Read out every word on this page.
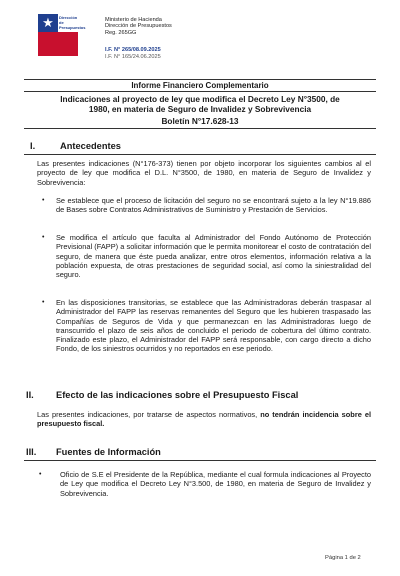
★ Dirección de
Presupuestos
Ministerio de Hacienda
Dirección de Presupuestos
Reg. 265GG
I.F. N° 265/08.09.2025
I.F. N° 165/24.06.2025
Informe Financiero Complementario
Indicaciones al proyecto de ley que modifica el Decreto Ley N°3500, de
1980, en materia de Seguro de Invalidez y Sobrevivencia
Boletín N°17.628-13
I.	Antecedentes
Las presentes indicaciones (N°176-373) tienen por objeto incorporar los siguientes cambios al el proyecto de ley que modifica el D.L. N°3500, de 1980, en materia de Seguro de Invalidez y Sobrevivencia:
• Se establece que el proceso de licitación del seguro no se encontrará sujeto a la ley N°19.886 de Bases sobre Contratos Administrativos de Suministro y Prestación de Servicios.
• Se modifica el artículo que faculta al Administrador del Fondo Autónomo de Protección Previsional (FAPP) a solicitar información que le permita monitorear el costo de contratación del seguro, de manera que éste pueda analizar, entre otros elementos, información relativa a la población expuesta, de otras prestaciones de seguridad social, así como la siniestralidad del seguro.
• En las disposiciones transitorias, se establece que las Administradoras deberán traspasar al Administrador del FAPP las reservas remanentes del Seguro que les hubieren traspasado las Compañías de Seguros de Vida y que permanezcan en las Administradoras luego de transcurrido el plazo de seis años de concluido el periodo de cobertura del último contrato. Finalizado este plazo, el Administrador del FAPP será responsable, con cargo directo a dicho Fondo, de los siniestros ocurridos y no reportados en ese periodo.
II. Efecto de las indicaciones sobre el Presupuesto Fiscal
Las presentes indicaciones, por tratarse de aspectos normativos, no tendrán incidencia sobre el presupuesto fiscal.
III. Fuentes de Información
•	Oficio de S.E el Presidente de la República, mediante el cual formula indicaciones al Proyecto de Ley que modifica el Decreto Ley N°3.500, de 1980, en materia de Seguro de Invalidez y Sobrevivencia.
Página 1 de 2
